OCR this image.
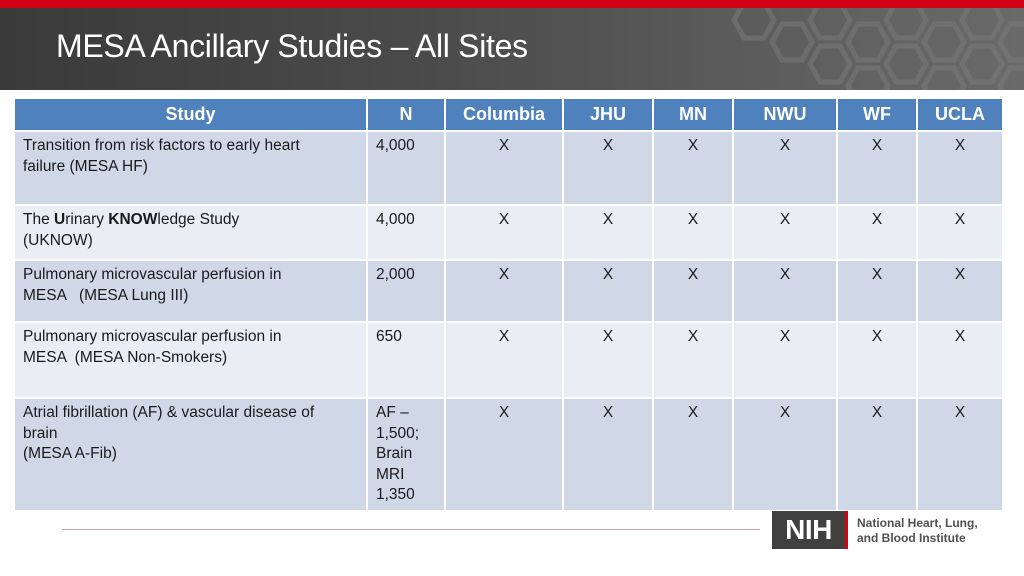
MESA Ancillary Studies – All Sites
Study	N	Columbia	JHU	MN	NWU	WF	UCLA
Transition from risk factors to early heart
failure (MESA HF)	4,000	X	X	X	X	X	X
The Urinary KNOWledge Study
(UKNOW)	4,000	X	X	X	X	X	X
Pulmonary microvascular perfusion in
MESA   (MESA Lung III)	2,000	X	X	X	X	X	X
Pulmonary microvascular perfusion in
MESA  (MESA Non-Smokers)	650	X	X	X	X	X	X
Atrial fibrillation (AF) & vascular disease of
brain
(MESA A-Fib)	AF –
1,500;
Brain
MRI
1,350	X	X	X	X	X	X
NIH	National Heart, Lung,
and Blood Institute
